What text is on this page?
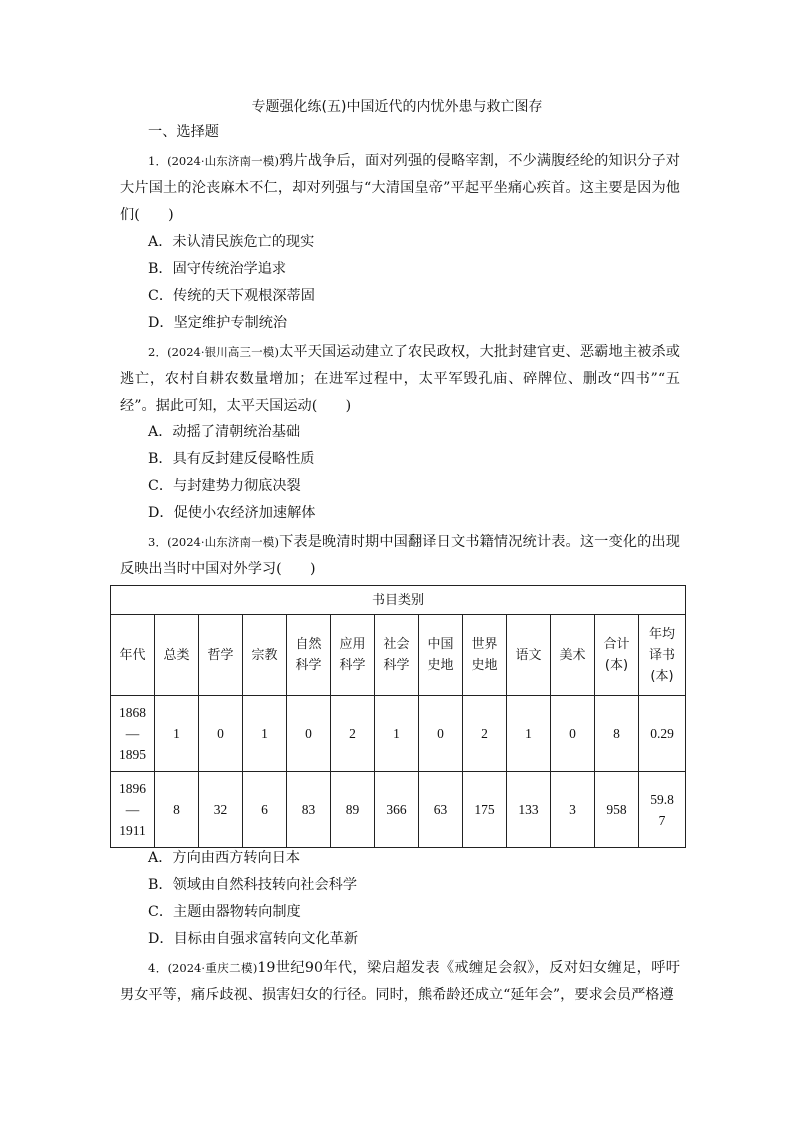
专题强化练(五)中国近代的内忧外患与救亡图存
一、选择题
1．(2024·山东济南一模)鸦片战争后，面对列强的侵略宰割，不少满腹经纶的知识分子对大片国土的沦丧麻木不仁，却对列强与“大清国皇帝”平起平坐痛心疾首。这主要是因为他们(　　)
A．未认清民族危亡的现实
B．固守传统治学追求
C．传统的天下观根深蒂固
D．坚定维护专制统治
2．(2024·银川高三一模)太平天国运动建立了农民政权，大批封建官吏、恶霸地主被杀或逃亡，农村自耕农数量增加；在进军过程中，太平军毁孔庙、碎牌位、删改“四书”“五经”。据此可知，太平天国运动(　　)
A．动摇了清朝统治基础
B．具有反封建反侵略性质
C．与封建势力彻底决裂
D．促使小农经济加速解体
3．(2024·山东济南一模)下表是晚清时期中国翻译日文书籍情况统计表。这一变化的出现反映出当时中国对外学习(　　)
书目类别												
年代	总类	哲学	宗教	自然科学	应用科学	社会科学	中国史地	世界史地	语文	美术	合计(本)	年均译书(本)
1868—1895	1	0	1	0	2	1	0	2	1	0	8	0.29
1896—1911	8	32	6	83	89	366	63	175	133	3	958	59.87
A．方向由西方转向日本
B．领域由自然科技转向社会科学
C．主题由器物转向制度
D．目标由自强求富转向文化革新
4．(2024·重庆二模)19世纪90年代，梁启超发表《戒缠足会叙》，反对妇女缠足，呼吁男女平等，痛斥歧视、损害妇女的行径。同时，熊希龄还成立“延年会”，要求会员严格遵
